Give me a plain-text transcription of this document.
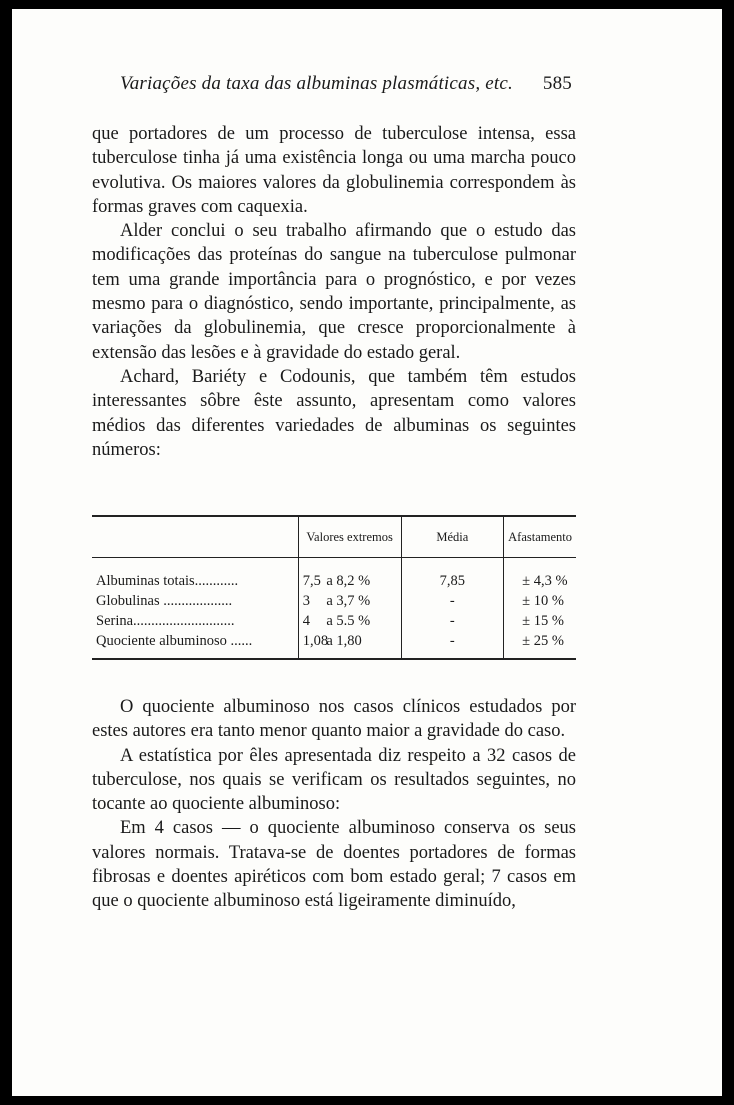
Variações da taxa das albuminas plasmáticas, etc. 585

que portadores de um processo de tuberculose intensa, essa tuberculose tinha já uma existência longa ou uma marcha pouco evolutiva. Os maiores valores da globulinemia correspondem às formas graves com caquexia.

Alder conclui o seu trabalho afirmando que o estudo das modificações das proteínas do sangue na tuberculose pulmonar tem uma grande importância para o prognóstico, e por vezes mesmo para o diagnóstico, sendo importante, principalmente, as variações da globulinemia, que cresce proporcionalmente à extensão das lesões e à gravidade do estado geral.

Achard, Bariéty e Codounis, que também têm estudos interessantes sôbre êste assunto, apresentam como valores médios das diferentes variedades de albuminas os seguintes números:

	Valores extremos	Média	Afastamento
Albuminas totais............	7,5 a 8,2 %	7,85	± 4,3 %
Globulinas ...................	3 a 3,7 %	-	± 10 %
Serina............................	4 a 5.5 %	-	± 15 %
Quociente albuminoso ......	1,08 a 1,80	-	± 25 %

O quociente albuminoso nos casos clínicos estudados por estes autores era tanto menor quanto maior a gravidade do caso.

A estatística por êles apresentada diz respeito a 32 casos de tuberculose, nos quais se verificam os resultados seguintes, no tocante ao quociente albuminoso:

Em 4 casos — o quociente albuminoso conserva os seus valores normais. Tratava-se de doentes portadores de formas fibrosas e doentes apiréticos com bom estado geral; 7 casos em que o quociente albuminoso está ligeiramente diminuído,
